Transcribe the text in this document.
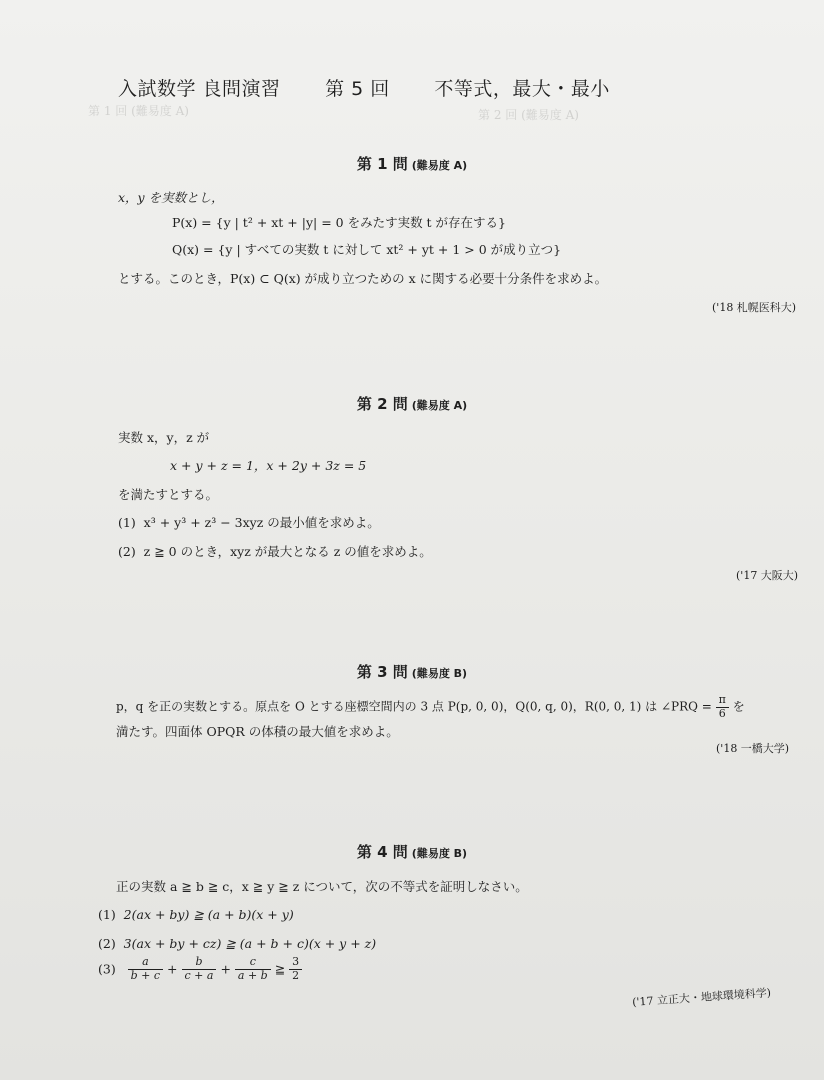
第 2 回 (難易度 A)
第 1 回 (難易度 A)
入試数学 良問演習 第 5 回 不等式，最大・最小
第 1 問 (難易度 A)
x，y を実数とし，
P(x) = {y | t² + xt + |y| = 0 をみたす実数 t が存在する}
Q(x) = {y | すべての実数 t に対して xt² + yt + 1 > 0 が成り立つ}
とする。このとき，P(x) ⊂ Q(x) が成り立つための x に関する必要十分条件を求めよ。
('18 札幌医科大)
第 2 問 (難易度 A)
実数 x，y，z が
x + y + z = 1，x + 2y + 3z = 5
を満たすとする。
(1) x³ + y³ + z³ − 3xyz の最小値を求めよ。
(2) z ≧ 0 のとき，xyz が最大となる z の値を求めよ。
('17 大阪大)
第 3 問 (難易度 B)
p，q を正の実数とする。原点を O とする座標空間内の 3 点 P(p, 0, 0)，Q(0, q, 0)，R(0, 0, 1) は ∠PRQ = $\frac{\pi}{6}$ を
満たす。四面体 OPQR の体積の最大値を求めよ。
('18 一橋大学)
第 4 問 (難易度 B)
正の実数 a ≧ b ≧ c，x ≧ y ≧ z について，次の不等式を証明しなさい。
(1) 2(ax + by) ≧ (a + b)(x + y)
(2) 3(ax + by + cz) ≧ (a + b + c)(x + y + z)
$(3) \frac{a}{b + c} + \frac{b}{c + a} + \frac{c}{a + b}$ ≧ $\frac{3}{2}$
('17 立正大・地球環境科学)
